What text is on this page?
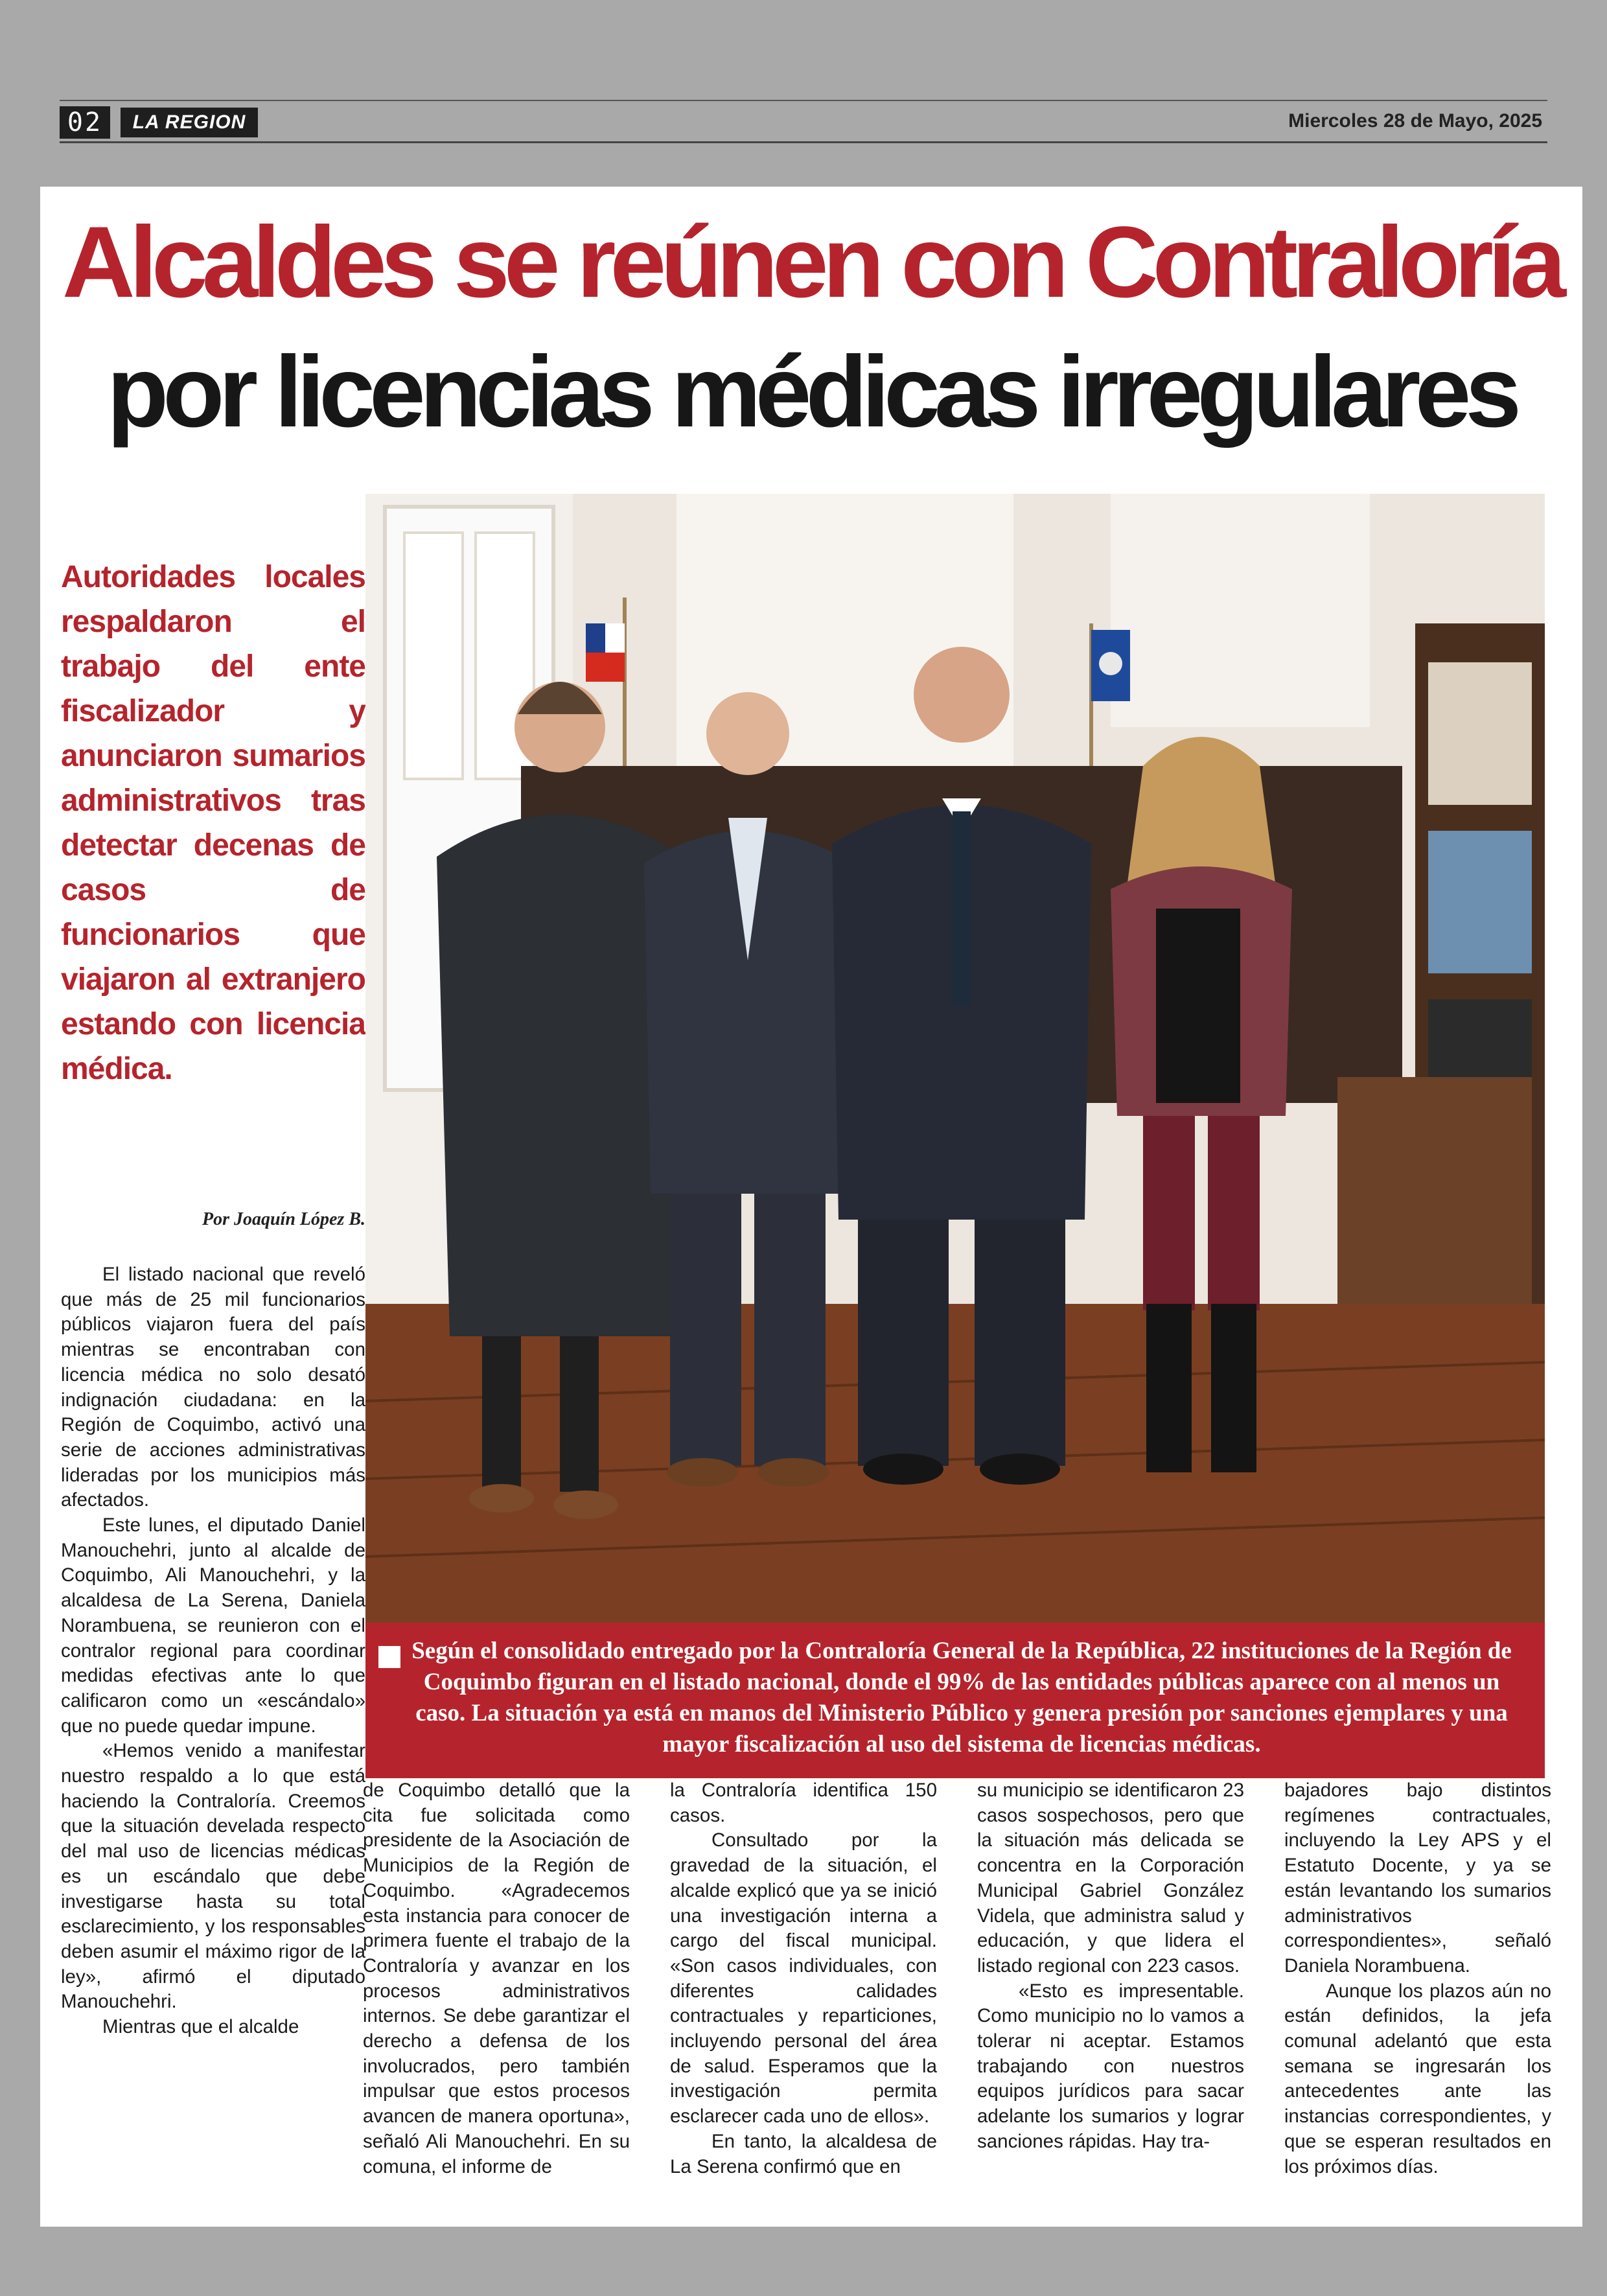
02	LA REGION	Miercoles 28 de Mayo, 2025
Alcaldes se reúnen con Contraloría
por licencias médicas irregulares
Autoridades locales respaldaron el trabajo del ente fiscalizador y anunciaron sumarios administrativos tras detectar decenas de casos de funcionarios que viajaron al extranjero estando con licencia médica.
Según el consolidado entregado por la Contraloría General de la República, 22 instituciones de la Región de Coquimbo figuran en el listado nacional, donde el 99% de las entidades públicas aparece con al menos un caso. La situación ya está en manos del Ministerio Público y genera presión por sanciones ejemplares y una mayor fiscalización al uso del sistema de licencias médicas.
Por Joaquín López B.

El listado nacional que reveló que más de 25 mil funcionarios públicos viajaron fuera del país mientras se encontraban con licencia médica no solo desató indignación ciudadana: en la Región de Coquimbo, activó una serie de acciones administrativas lideradas por los municipios más afectados.

Este lunes, el diputado Daniel Manouchehri, junto al alcalde de Coquimbo, Ali Manouchehri, y la alcaldesa de La Serena, Daniela Norambuena, se reunieron con el contralor regional para coordinar medidas efectivas ante lo que calificaron como un «escándalo» que no puede quedar impune.

«Hemos venido a manifestar nuestro respaldo a lo que está haciendo la Contraloría. Creemos que la situación develada respecto del mal uso de licencias médicas es un escándalo que debe investigarse hasta su total esclarecimiento, y los responsables deben asumir el máximo rigor de la ley», afirmó el diputado Manouchehri.

Mientras que el alcalde

de Coquimbo detalló que la cita fue solicitada como presidente de la Asociación de Municipios de la Región de Coquimbo. «Agradecemos esta instancia para conocer de primera fuente el trabajo de la Contraloría y avanzar en los procesos administrativos internos. Se debe garantizar el derecho a defensa de los involucrados, pero también impulsar que estos procesos avancen de manera oportuna», señaló Ali Manouchehri. En su comuna, el informe de

la Contraloría identifica 150 casos.

Consultado por la gravedad de la situación, el alcalde explicó que ya se inició una investigación interna a cargo del fiscal municipal. «Son casos individuales, con diferentes calidades contractuales y reparticiones, incluyendo personal del área de salud. Esperamos que la investigación permita esclarecer cada uno de ellos».

En tanto, la alcaldesa de La Serena confirmó que en

su municipio se identificaron 23 casos sospechosos, pero que la situación más delicada se concentra en la Corporación Municipal Gabriel González Videla, que administra salud y educación, y que lidera el listado regional con 223 casos.

«Esto es impresentable. Como municipio no lo vamos a tolerar ni aceptar. Estamos trabajando con nuestros equipos jurídicos para sacar adelante los sumarios y lograr sanciones rápidas. Hay tra-

bajadores bajo distintos regímenes contractuales, incluyendo la Ley APS y el Estatuto Docente, y ya se están levantando los sumarios administrativos correspondientes», señaló Daniela Norambuena.

Aunque los plazos aún no están definidos, la jefa comunal adelantó que esta semana se ingresarán los antecedentes ante las instancias correspondientes, y que se esperan resultados en los próximos días.
